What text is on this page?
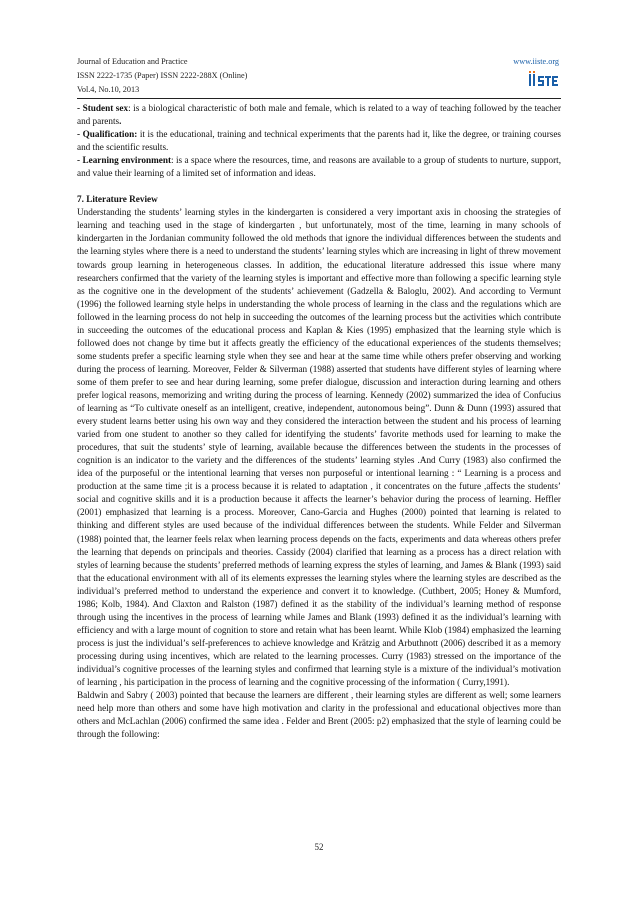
Journal of Education and Practice
ISSN 2222-1735 (Paper) ISSN 2222-288X (Online)
Vol.4, No.10, 2013
www.iiste.org

- Student sex: is a biological characteristic of both male and female, which is related to a way of teaching followed by the teacher and parents.

- Qualification: it is the educational, training and technical experiments that the parents had it, like the degree, or training courses and the scientific results.

- Learning environment: is a space where the resources, time, and reasons are available to a group of students to nurture, support, and value their learning of a limited set of information and ideas.

7. Literature Review

Understanding the students’ learning styles in the kindergarten is considered a very important axis in choosing the strategies of learning and teaching used in the stage of kindergarten , but unfortunately, most of the time, learning in many schools of kindergarten in the Jordanian community followed the old methods that ignore the individual differences between the students and the learning styles where there is a need to understand the students’ learning styles which are increasing in light of threw movement towards group learning in heterogeneous classes. In addition, the educational literature addressed this issue where many researchers confirmed that the variety of the learning styles is important and effective more than following a specific learning style as the cognitive one in the development of the students’ achievement (Gadzella & Baloglu, 2002). And according to Vermunt (1996) the followed learning style helps in understanding the whole process of learning in the class and the regulations which are followed in the learning process do not help in succeeding the outcomes of the learning process but the activities which contribute in succeeding the outcomes of the educational process and Kaplan & Kies (1995) emphasized that the learning style which is followed does not change by time but it affects greatly the efficiency of the educational experiences of the students themselves; some students prefer a specific learning style when they see and hear at the same time while others prefer observing and working during the process of learning. Moreover, Felder & Silverman (1988) asserted that students have different styles of learning where some of them prefer to see and hear during learning, some prefer dialogue, discussion and interaction during learning and others prefer logical reasons, memorizing and writing during the process of learning. Kennedy (2002) summarized the idea of Confucius of learning as “To cultivate oneself as an intelligent, creative, independent, autonomous being”. Dunn & Dunn (1993) assured that every student learns better using his own way and they considered the interaction between the student and his process of learning varied from one student to another so they called for identifying the students’ favorite methods used for learning to make the procedures, that suit the students’ style of learning, available because the differences between the students in the processes of cognition is an indicator to the variety and the differences of the students’ learning styles .And Curry (1983) also confirmed the idea of the purposeful or the intentional learning that verses non purposeful or intentional learning : “ Learning is a process and production at the same time ;it is a process because it is related to adaptation , it concentrates on the future ,affects the students’ social and cognitive skills and it is a production because it affects the learner’s behavior during the process of learning. Heffler (2001) emphasized that learning is a process. Moreover, Cano-Garcia and Hughes (2000) pointed that learning is related to thinking and different styles are used because of the individual differences between the students. While Felder and Silverman (1988) pointed that, the learner feels relax when learning process depends on the facts, experiments and data whereas others prefer the learning that depends on principals and theories. Cassidy (2004) clarified that learning as a process has a direct relation with styles of learning because the students’ preferred methods of learning express the styles of learning, and James & Blank (1993) said that the educational environment with all of its elements expresses the learning styles where the learning styles are described as the individual’s preferred method to understand the experience and convert it to knowledge. (Cuthbert, 2005; Honey & Mumford, 1986; Kolb, 1984). And Claxton and Ralston (1987) defined it as the stability of the individual’s learning method of response through using the incentives in the process of learning while James and Blank (1993) defined it as the individual’s learning with efficiency and with a large mount of cognition to store and retain what has been learnt. While Klob (1984) emphasized the learning process is just the individual’s self-preferences to achieve knowledge and Krätzig and Arbuthnott (2006) described it as a memory processing during using incentives, which are related to the learning processes. Curry (1983) stressed on the importance of the individual’s cognitive processes of the learning styles and confirmed that learning style is a mixture of the individual’s motivation of learning , his participation in the process of learning and the cognitive processing of the information ( Curry,1991).

Baldwin and Sabry ( 2003) pointed that because the learners are different , their learning styles are different as well; some learners need help more than others and some have high motivation and clarity in the professional and educational objectives more than others and McLachlan (2006) confirmed the same idea . Felder and Brent (2005: p2) emphasized that the style of learning could be through the following:

52
